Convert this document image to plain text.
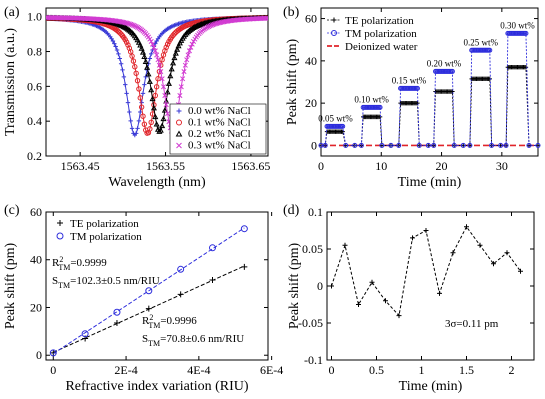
(a)	(b)
(c)	(d)
1563.45	1563.55	1563.65
0.2
0.4
0.6
0.8
1.0
Wavelength (nm)
Transmission (a.u.)	0.0 wt% NaCl
0.1 wt% NaCl
0.2 wt% NaCl
0.3 wt% NaCl
0	10	20	30
0
20
40
60
Time (min)
Peak shift (pm) 0.05 wt%
0.10 wt%
0.15 wt%
0.20 wt%
0.25 wt%
0.30 wt%
TE polarization
TM polarization
Deionized water
0	2E-4	4E-4	6E-4
0
20
40
60
Refractive index variation (RIU)
Peak shift (pm)
TE polarization
TM polarization
$R^2$ TM=0.9999
$S_{TM}=102.3\pm 0.5$ nm/RIU
$R^2$ TM=0.9996
$S_{TM}=70.8\pm 0.6$ nm/RIU
0	0.5	1	1.5	2
-0.1
-0.05
0
0.05
0.1
Time (min)
Peak shift (pm)	3σ=0.11 pm
